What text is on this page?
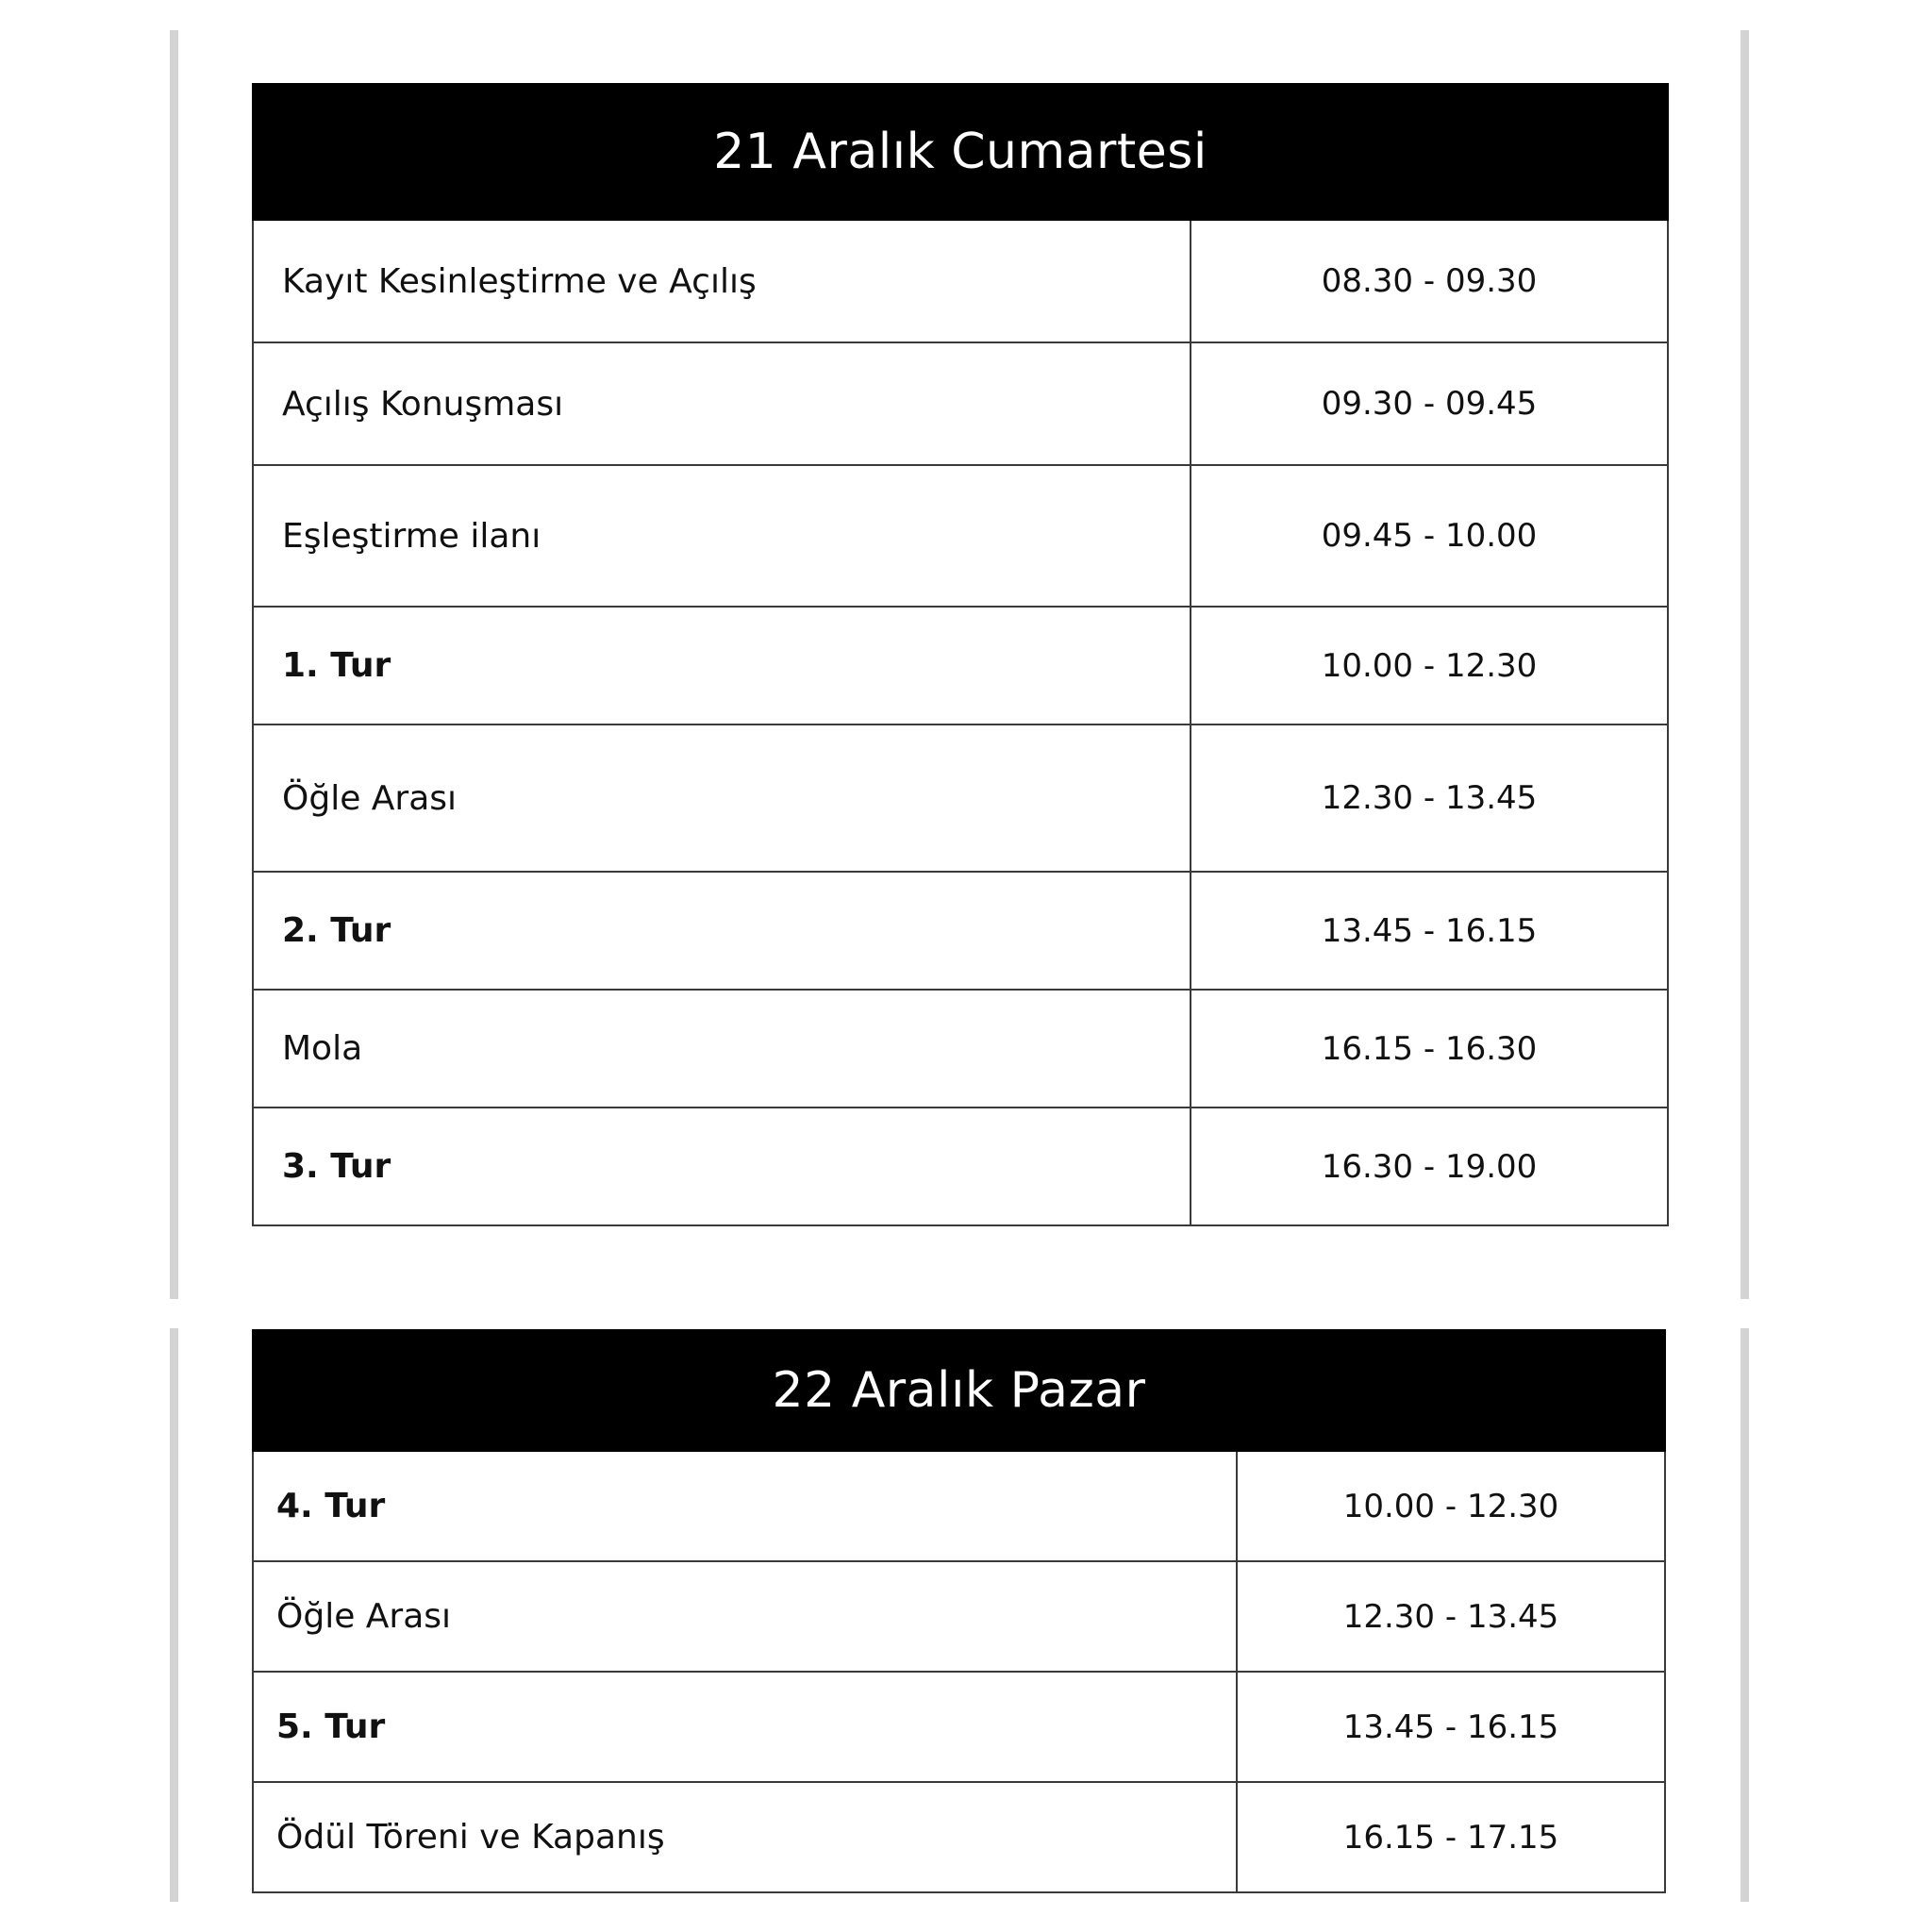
21 Aralık Cumartesi	
Kayıt Kesinleştirme ve Açılış	08.30 - 09.30
Açılış Konuşması	09.30 - 09.45
Eşleştirme ilanı	09.45 - 10.00
1. Tur	10.00 - 12.30
Öğle Arası	12.30 - 13.45
2. Tur	13.45 - 16.15
Mola	16.15 - 16.30
3. Tur	16.30 - 19.00
22 Aralık Pazar	
4. Tur	10.00 - 12.30
Öğle Arası	12.30 - 13.45
5. Tur	13.45 - 16.15
Ödül Töreni ve Kapanış	16.15 - 17.15
